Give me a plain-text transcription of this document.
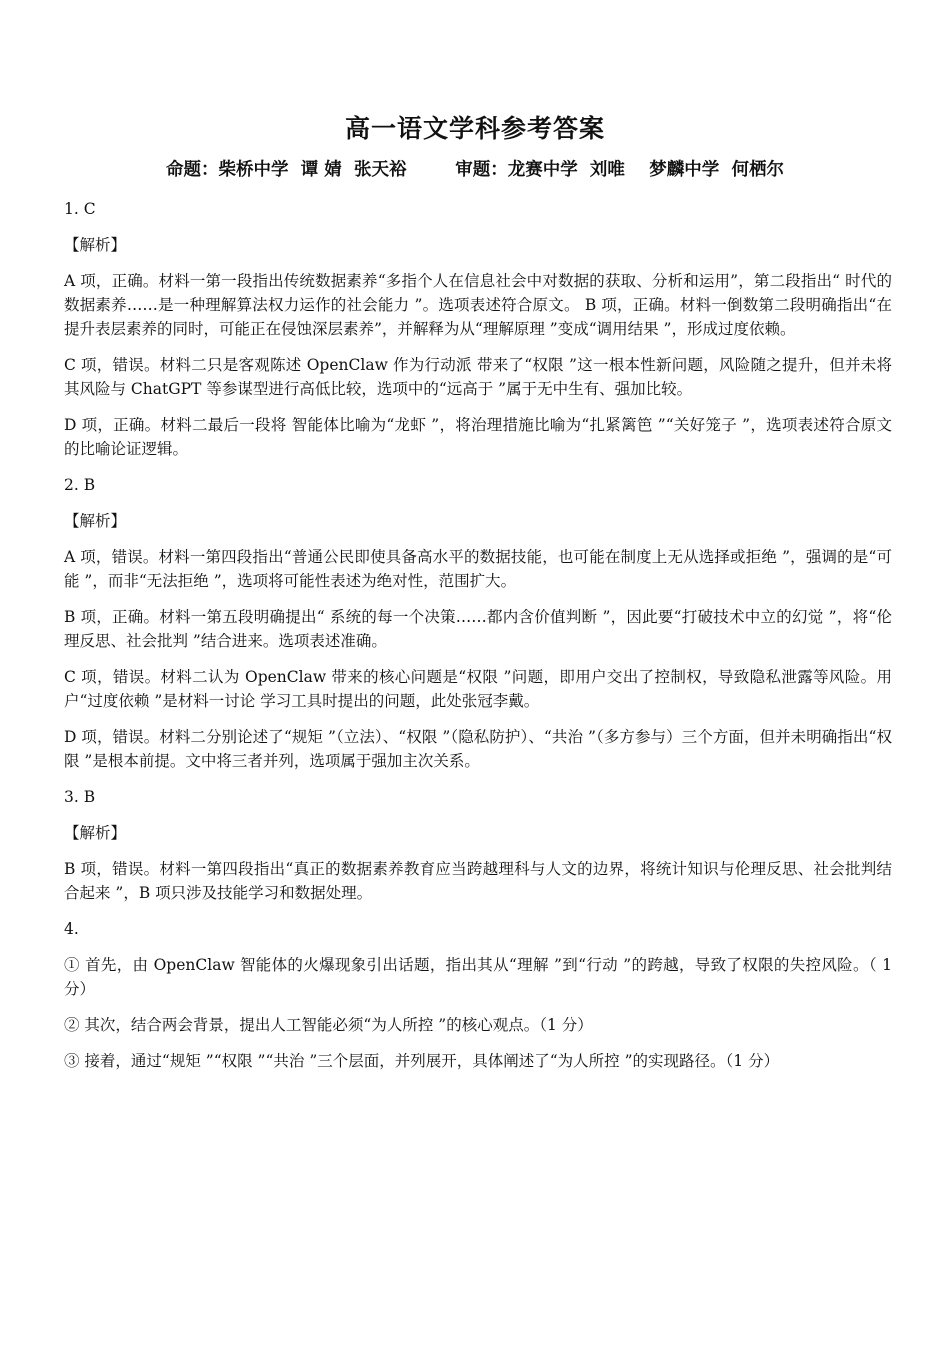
高一语文学科参考答案
命题：柴桥中学  谭 婧  张天裕        审题：龙赛中学  刘唯    梦麟中学  何栖尔

1. C

【解析】

A 项，正确。材料一第一段指出传统数据素养“多指个人在信息社会中对数据的获取、分析和运用”，第二段指出“ 时代的数据素养……是一种理解算法权力运作的社会能力 ”。选项表述符合原文。 B 项，正确。材料一倒数第二段明确指出“在提升表层素养的同时，可能正在侵蚀深层素养”，并解释为从“理解原理 ”变成“调用结果 ”，形成过度依赖。

C 项，错误。材料二只是客观陈述 OpenClaw 作为行动派 带来了“权限 ”这一根本性新问题，风险随之提升，但并未将其风险与 ChatGPT 等参谋型进行高低比较，选项中的“远高于 ”属于无中生有、强加比较。

D 项，正确。材料二最后一段将 智能体比喻为“龙虾 ”，将治理措施比喻为“扎紧篱笆 ”“关好笼子 ”，选项表述符合原文的比喻论证逻辑。

2. B

【解析】

A 项，错误。材料一第四段指出“普通公民即使具备高水平的数据技能，也可能在制度上无从选择或拒绝 ”，强调的是“可能 ”，而非“无法拒绝 ”，选项将可能性表述为绝对性，范围扩大。

B 项，正确。材料一第五段明确提出“ 系统的每一个决策……都内含价值判断 ”，因此要“打破技术中立的幻觉 ”，将“伦理反思、社会批判 ”结合进来。选项表述准确。

C 项，错误。材料二认为 OpenClaw 带来的核心问题是“权限 ”问题，即用户交出了控制权，导致隐私泄露等风险。用户“过度依赖 ”是材料一讨论 学习工具时提出的问题，此处张冠李戴。

D 项，错误。材料二分别论述了“规矩 ”（立法）、“权限 ”（隐私防护）、“共治 ”（多方参与）三个方面，但并未明确指出“权限 ”是根本前提。文中将三者并列，选项属于强加主次关系。

3. B

【解析】

B 项，错误。材料一第四段指出“真正的数据素养教育应当跨越理科与人文的边界，将统计知识与伦理反思、社会批判结合起来 ”，B 项只涉及技能学习和数据处理。

4.

① 首先，由 OpenClaw 智能体的火爆现象引出话题，指出其从“理解 ”到“行动 ”的跨越，导致了权限的失控风险。（ 1 分）

② 其次，结合两会背景，提出人工智能必须“为人所控 ”的核心观点。（1 分）

③ 接着，通过“规矩 ”“权限 ”“共治 ”三个层面，并列展开，具体阐述了“为人所控 ”的实现路径。（1 分）
